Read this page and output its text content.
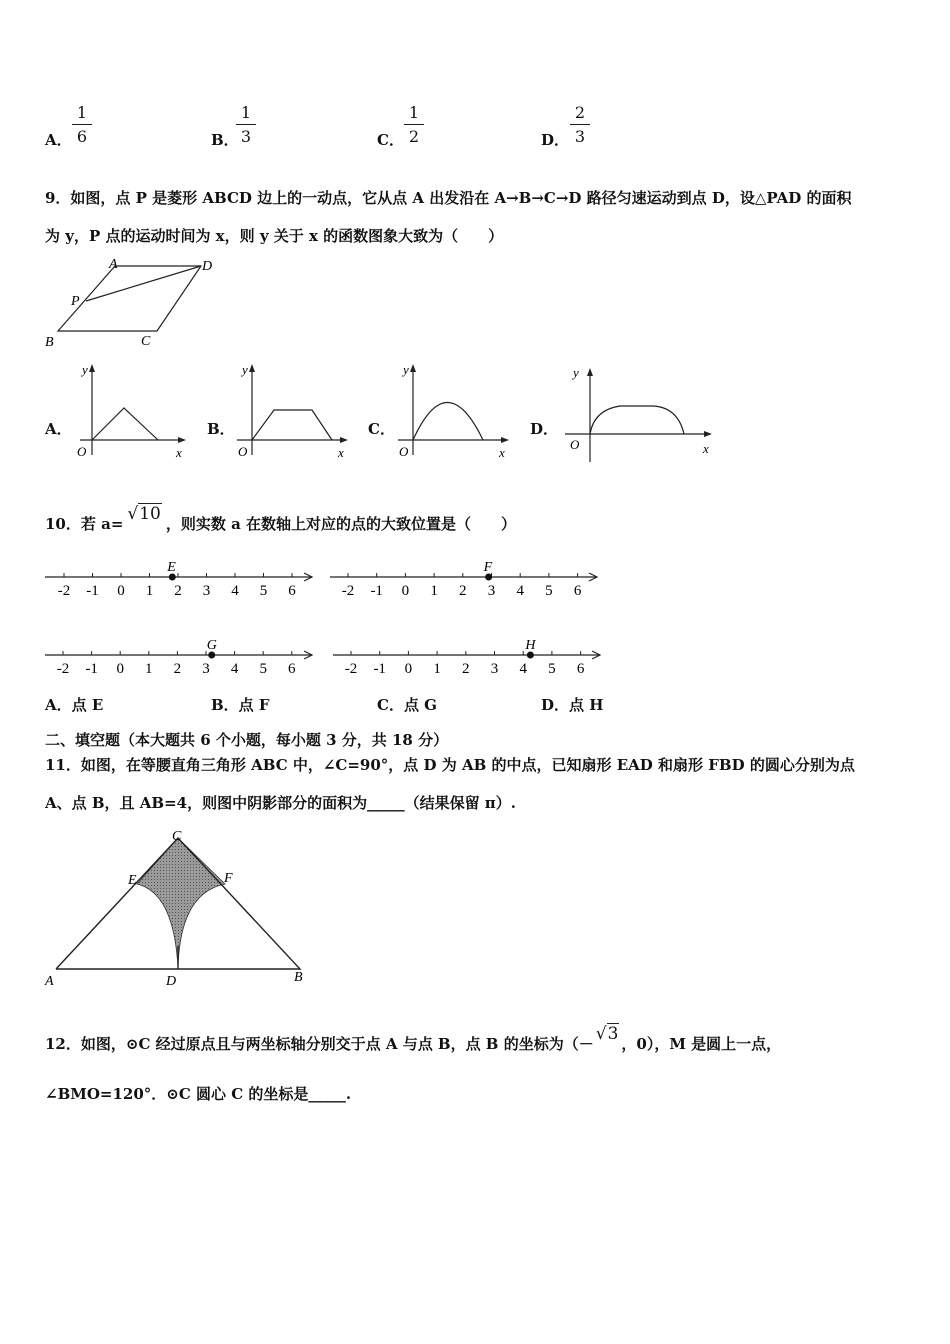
A． $\frac{1}{6}$	B．
$\frac{1}{3}$	C． $\frac{1}{2}$	D． $\frac{2}{3}$
9．如图，点 P 是菱形 ABCD 边上的一动点，它从点 A 出发沿在 A→B→C→D 路径匀速运动到点 D，设△PAD 的面积
为 y，P 点的运动时间为 x，则 y 关于 x 的函数图象大致为（　　）
A	D
P
B	C
A．
y
x
O
B．
y
x
O
C．
y
x
O
D．
y
x
O
10．若 a= √10 ，则实数 a 在数轴上对应的点的大致位置是（　　）
-2 -1 0 1 2 3 4 5 6
E
-2 -1 0 1 2 3 4 5 6
F
-2 -1 0 1 2 3 4 5 6
G
-2 -1 0 1 2 3 4 5 6
H
A．点 E	B．点 F	C．点 G	D．点 H
二、填空题（本大题共 6 个小题，每小题 3 分，共 18 分）
11．如图，在等腰直角三角形 ABC 中，∠C=90°，点 D 为 AB 的中点，已知扇形 EAD 和扇形 FBD 的圆心分别为点
A、点 B，且 AB=4，则图中阴影部分的面积为_____（结果保留 π）.
C
E	F
A	D	B
12．如图，⊙C 经过原点且与两坐标轴分别交于点 A 与点 B，点 B 的坐标为（－ √3 ，0），M 是圆上一点，
∠BMO=120°．⊙C 圆心 C 的坐标是_____.
